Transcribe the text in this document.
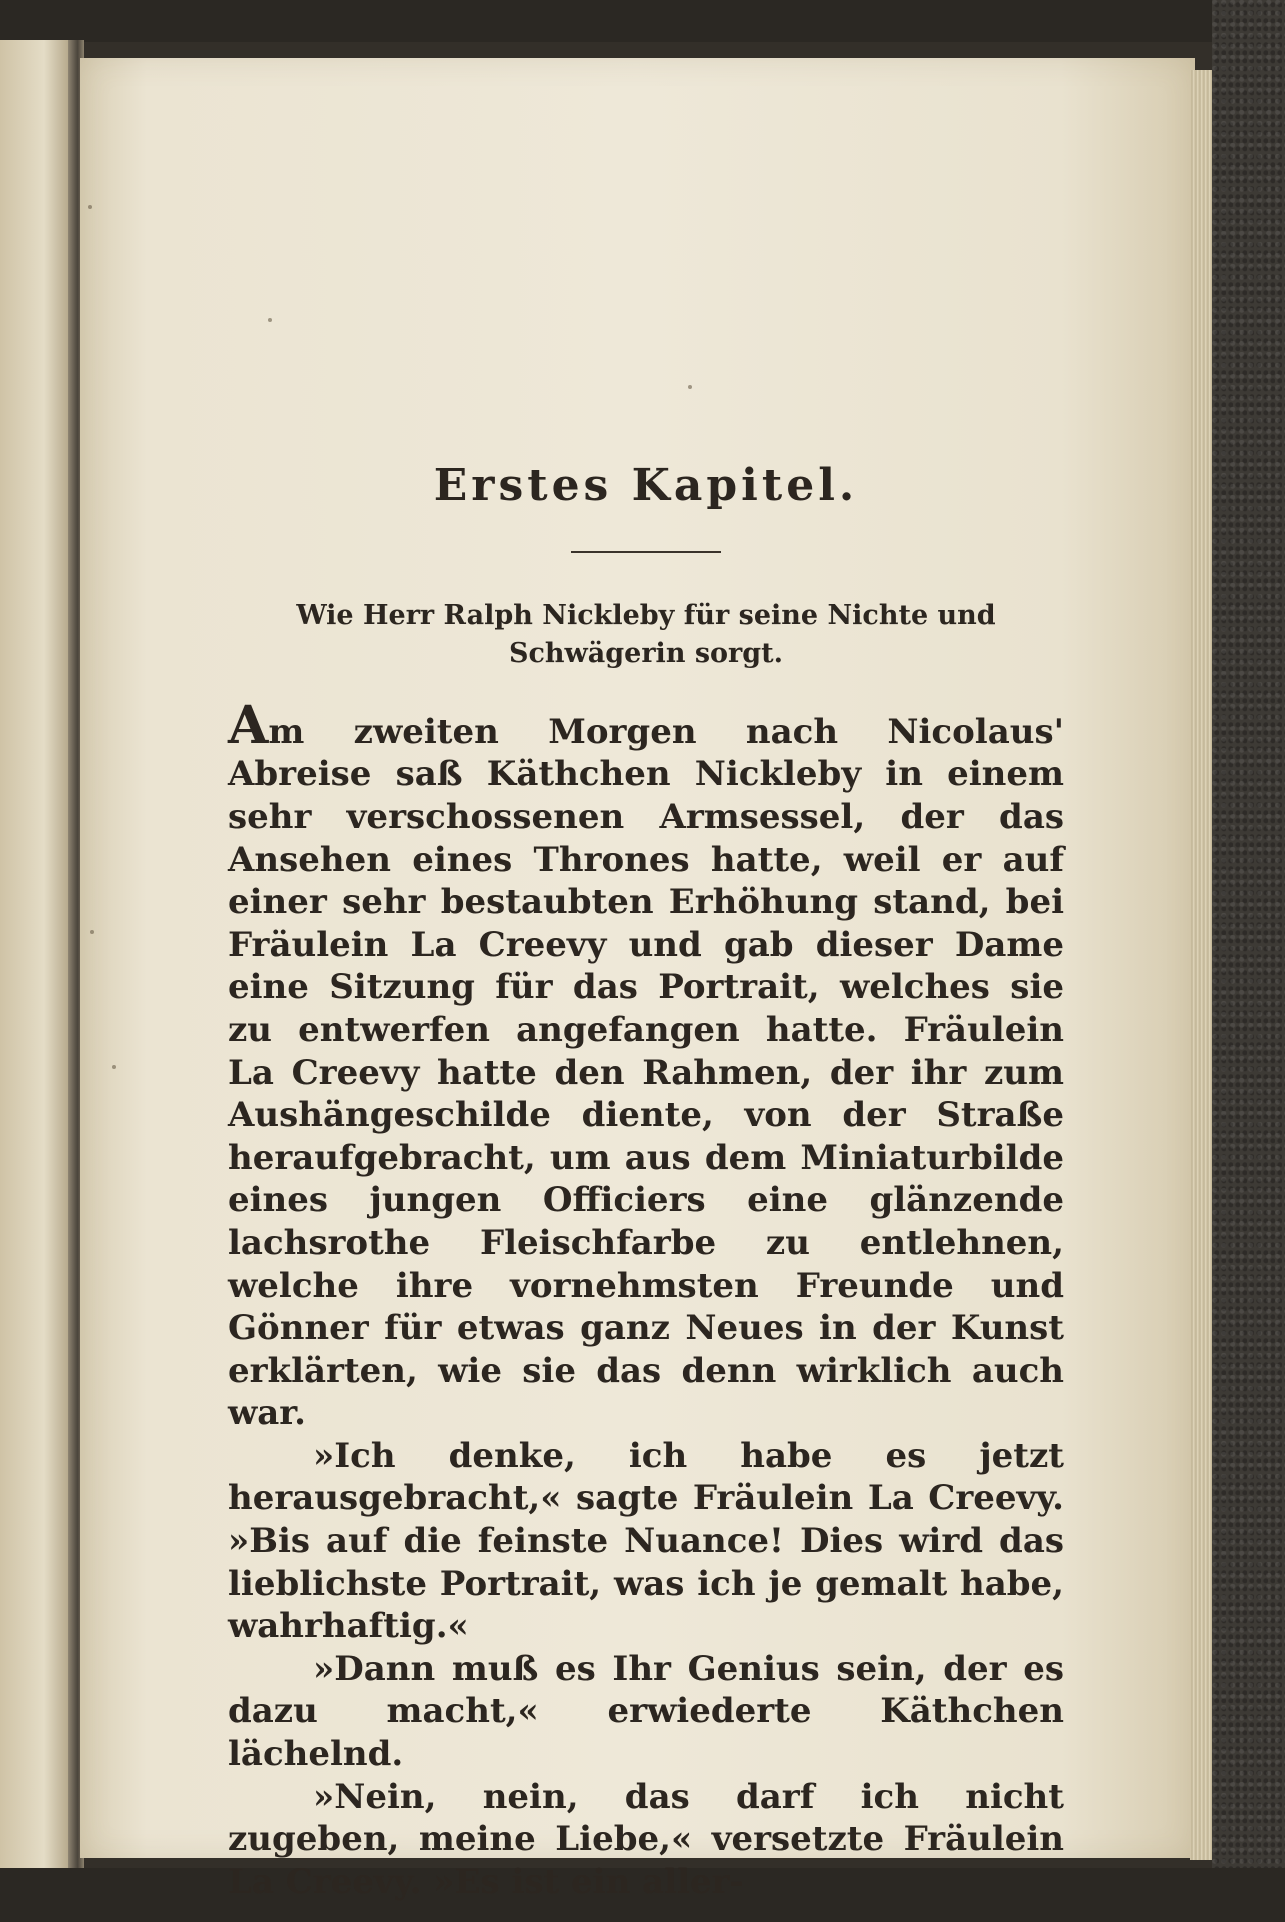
Erstes Kapitel.
Wie Herr Ralph Nickleby für seine Nichte und Schwägerin sorgt.

Am zweiten Morgen nach Nicolaus' Abreise saß Käthchen Nickleby in einem sehr verschossenen Armsessel, der das Ansehen eines Thrones hatte, weil er auf einer sehr bestaubten Erhöhung stand, bei Fräulein La Creevy und gab dieser Dame eine Sitzung für das Portrait, welches sie zu entwerfen angefangen hatte. Fräulein La Creevy hatte den Rahmen, der ihr zum Aushängeschilde diente, von der Straße heraufgebracht, um aus dem Miniaturbilde eines jungen Officiers eine glänzende lachsrothe Fleischfarbe zu entlehnen, welche ihre vornehmsten Freunde und Gönner für etwas ganz Neues in der Kunst erklärten, wie sie das denn wirklich auch war.

»Ich denke, ich habe es jetzt herausgebracht,« sagte Fräulein La Creevy. »Bis auf die feinste Nuance! Dies wird das lieblichste Portrait, was ich je gemalt habe, wahrhaftig.«

»Dann muß es Ihr Genius sein, der es dazu macht,« erwiederte Käthchen lächelnd.

»Nein, nein, das darf ich nicht zugeben, meine Liebe,« versetzte Fräulein La Creevy. »Es ist ein aller-
